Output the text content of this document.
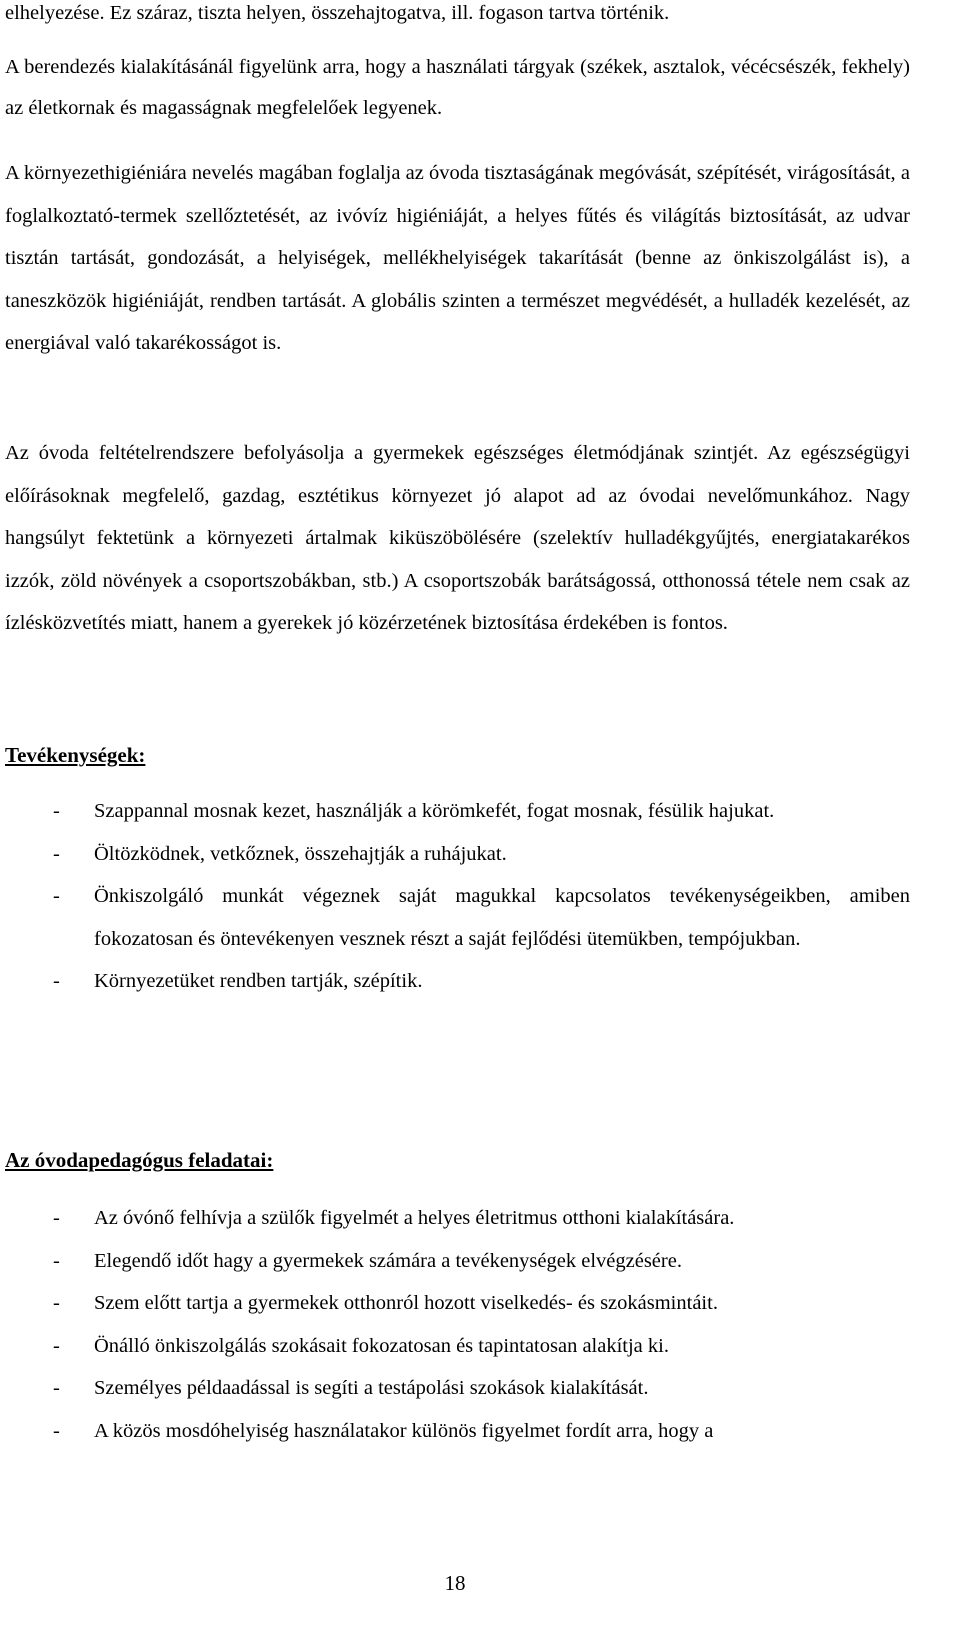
elhelyezése. Ez száraz, tiszta helyen, összehajtogatva, ill. fogason tartva történik.

A berendezés kialakításánál figyelünk arra, hogy a használati tárgyak (székek, asztalok, vécécsészék, fekhely) az életkornak és magasságnak megfelelőek legyenek.

A környezethigiéniára nevelés magában foglalja az óvoda tisztaságának megóvását, szépítését, virágosítását, a foglalkoztató-termek szellőztetését, az ivóvíz higiéniáját, a helyes fűtés és világítás biztosítását, az udvar tisztán tartását, gondozását, a helyiségek, mellékhelyiségek takarítását (benne az önkiszolgálást is), a taneszközök higiéniáját, rendben tartását. A globális szinten a természet megvédését, a hulladék kezelését, az energiával való takarékosságot is.

Az óvoda feltételrendszere befolyásolja a gyermekek egészséges életmódjának szintjét. Az egészségügyi előírásoknak megfelelő, gazdag, esztétikus környezet jó alapot ad az óvodai nevelőmunkához. Nagy hangsúlyt fektetünk a környezeti ártalmak kiküszöbölésére (szelektív hulladékgyűjtés, energiatakarékos izzók, zöld növények a csoportszobákban, stb.) A csoportszobák barátságossá, otthonossá tétele nem csak az ízlésközvetítés miatt, hanem a gyerekek jó közérzetének biztosítása érdekében is fontos.

Tevékenységek:
- Szappannal mosnak kezet, használják a körömkefét, fogat mosnak, fésülik hajukat.
- Öltözködnek, vetkőznek, összehajtják a ruhájukat.
- Önkiszolgáló munkát végeznek saját magukkal kapcsolatos tevékenységeikben, amiben fokozatosan és öntevékenyen vesznek részt a saját fejlődési ütemükben, tempójukban.
- Környezetüket rendben tartják, szépítik.
Az óvodapedagógus feladatai:
- Az óvónő felhívja a szülők figyelmét a helyes életritmus otthoni kialakítására.
- Elegendő időt hagy a gyermekek számára a tevékenységek elvégzésére.
- Szem előtt tartja a gyermekek otthonról hozott viselkedés- és szokásmintáit.
- Önálló önkiszolgálás szokásait fokozatosan és tapintatosan alakítja ki.
- Személyes példaadással is segíti a testápolási szokások kialakítását.
- A közös mosdóhelyiség használatakor különös figyelmet fordít arra, hogy a
18
